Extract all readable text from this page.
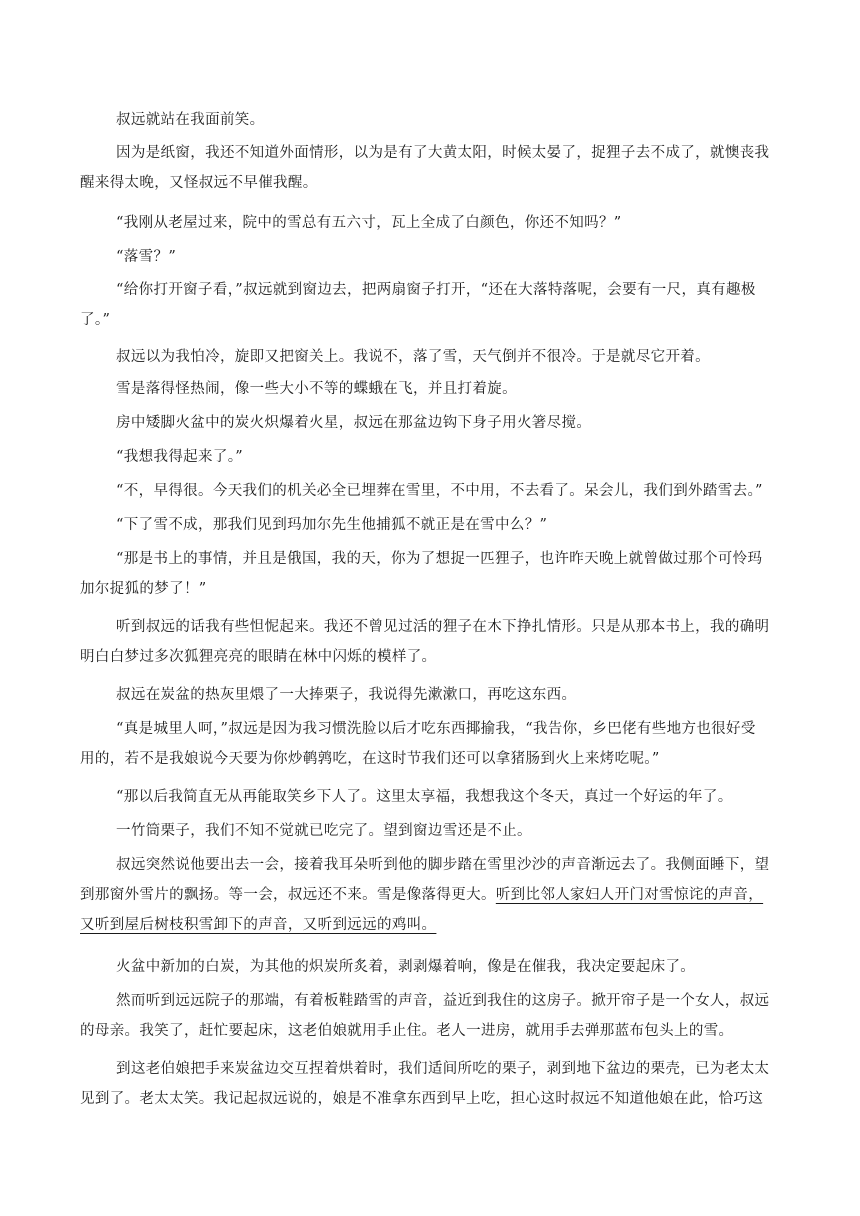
叔远就站在我面前笑。

因为是纸窗，我还不知道外面情形，以为是有了大黄太阳，时候太晏了，捉狸子去不成了，就懊丧我
醒来得太晚，又怪叔远不早催我醒。

“我刚从老屋过来，院中的雪总有五六寸，瓦上全成了白颜色，你还不知吗？”

“落雪？”

“给你打开窗子看，”叔远就到窗边去，把两扇窗子打开，“还在大落特落呢，会要有一尺，真有趣极
了。”

叔远以为我怕冷，旋即又把窗关上。我说不，落了雪，天气倒并不很冷。于是就尽它开着。

雪是落得怪热闹，像一些大小不等的蝶蛾在飞，并且打着旋。

房中矮脚火盆中的炭火炽爆着火星，叔远在那盆边钩下身子用火箸尽搅。

“我想我得起来了。”

“不，早得很。今天我们的机关必全已埋葬在雪里，不中用，不去看了。呆会儿，我们到外踏雪去。”

“下了雪不成，那我们见到玛加尔先生他捕狐不就正是在雪中么？”

“那是书上的事情，并且是俄国，我的天，你为了想捉一匹狸子，也许昨天晚上就曾做过那个可怜玛
加尔捉狐的梦了！”

听到叔远的话我有些怛怩起来。我还不曾见过活的狸子在木下挣扎情形。只是从那本书上，我的确明
明白白梦过多次狐狸亮亮的眼睛在林中闪烁的模样了。

叔远在炭盆的热灰里煨了一大捧栗子，我说得先漱漱口，再吃这东西。

“真是城里人呵，”叔远是因为我习惯洗脸以后才吃东西揶揄我，“我告你，乡巴佬有些地方也很好受
用的，若不是我娘说今天要为你炒鹌鹑吃，在这时节我们还可以拿猪肠到火上来烤吃呢。”

“那以后我简直无从再能取笑乡下人了。这里太享福，我想我这个冬天，真过一个好运的年了。

一竹筒栗子，我们不知不觉就已吃完了。望到窗边雪还是不止。

叔远突然说他要出去一会，接着我耳朵听到他的脚步踏在雪里沙沙的声音渐远去了。我侧面睡下，望
到那窗外雪片的飘扬。等一会，叔远还不来。雪是像落得更大。听到比邻人家妇人开门对雪惊诧的声音，
又听到屋后树枝积雪卸下的声音，又听到远远的鸡叫。

火盆中新加的白炭，为其他的炽炭所炙着，剥剥爆着响，像是在催我，我决定要起床了。

然而听到远远院子的那端，有着板鞋踏雪的声音，益近到我住的这房子。掀开帘子是一个女人，叔远
的母亲。我笑了，赶忙要起床，这老伯娘就用手止住。老人一进房，就用手去弹那蓝布包头上的雪。

到这老伯娘把手来炭盆边交互捏着烘着时，我们适间所吃的栗子，剥到地下盆边的栗壳，已为老太太
见到了。老太太笑。我记起叔远说的，娘是不准拿东西到早上吃，担心这时叔远不知道他娘在此，恰巧这
